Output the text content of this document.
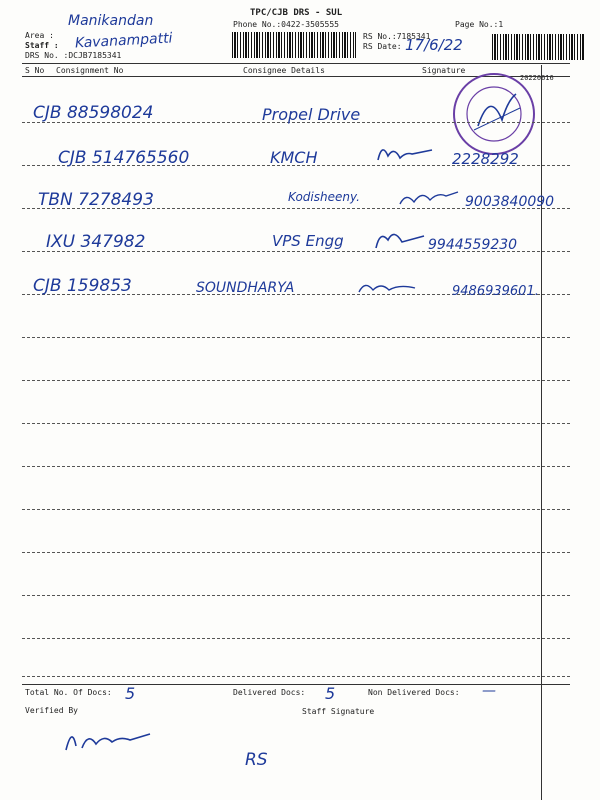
TPC/CJB DRS - SUL
Phone No.:0422-3505555	Page No.:1
Area :
Manikandan
Staff : Kavanampatti
DRS No. :DCJB7185341
RS No.:7185341
RS Date: 17/6/22
S No Consignment No	Consignee Details	Signature
20220616
CJB 88598024	Propel Drive
CJB 514765560	KMCH	2228292
TBN 7278493	Kodisheeny.	9003840090
IXU 347982	VPS Engg	9944559230
CJB 159853	SOUNDHARYA	9486939601.
Total No. Of Docs: 5	Delivered Docs: 5	Non Delivered Docs: —
Verified By	Staff Signature
RS
